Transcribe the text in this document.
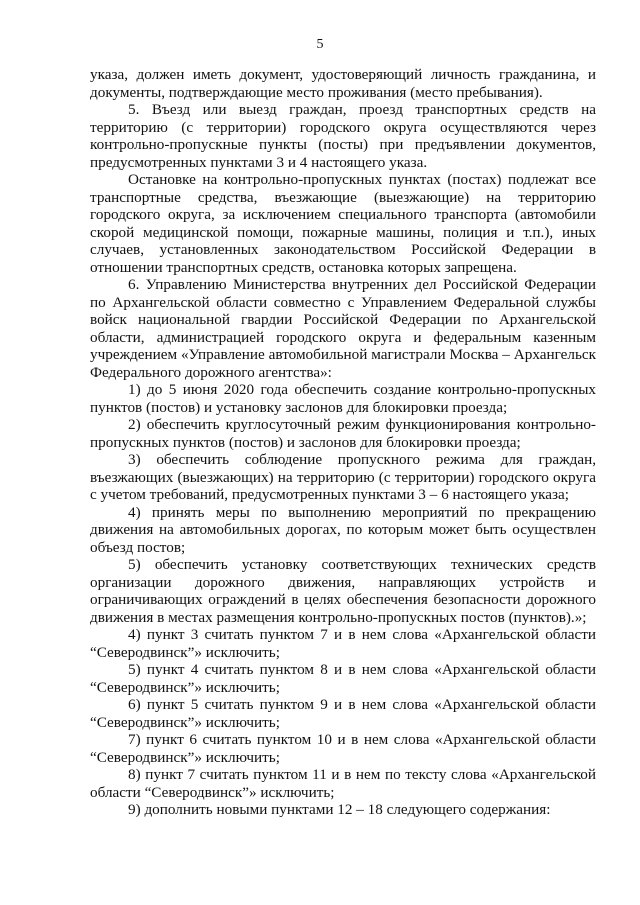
5

указа, должен иметь документ, удостоверяющий личность гражданина, и документы, подтверждающие место проживания (место пребывания).

5. Въезд или выезд граждан, проезд транспортных средств на территорию (с территории) городского округа осуществляются через контрольно-пропускные пункты (посты) при предъявлении документов, предусмотренных пунктами 3 и 4 настоящего указа.

Остановке на контрольно-пропускных пунктах (постах) подлежат все транспортные средства, въезжающие (выезжающие) на территорию городского округа, за исключением специального транспорта (автомобили скорой медицинской помощи, пожарные машины, полиция и т.п.), иных случаев, установленных законодательством Российской Федерации в отношении транспортных средств, остановка которых запрещена.

6. Управлению Министерства внутренних дел Российской Федерации по Архангельской области совместно с Управлением Федеральной службы войск национальной гвардии Российской Федерации по Архангельской области, администрацией городского округа и федеральным казенным учреждением «Управление автомобильной магистрали Москва – Архангельск Федерального дорожного агентства»:

1) до 5 июня 2020 года обеспечить создание контрольно-пропускных пунктов (постов) и установку заслонов для блокировки проезда;

2) обеспечить круглосуточный режим функционирования контрольно-пропускных пунктов (постов) и заслонов для блокировки проезда;

3) обеспечить соблюдение пропускного режима для граждан, въезжающих (выезжающих) на территорию (с территории) городского округа с учетом требований, предусмотренных пунктами 3 – 6 настоящего указа;

4) принять меры по выполнению мероприятий по прекращению движения на автомобильных дорогах, по которым может быть осуществлен объезд постов;

5) обеспечить установку соответствующих технических средств организации дорожного движения, направляющих устройств и ограничивающих ограждений в целях обеспечения безопасности дорожного движения в местах размещения контрольно-пропускных постов (пунктов).»;

4) пункт 3 считать пунктом 7 и в нем слова «Архангельской области “Северодвинск”» исключить;

5) пункт 4 считать пунктом 8 и в нем слова «Архангельской области “Северодвинск”» исключить;

6) пункт 5 считать пунктом 9 и в нем слова «Архангельской области “Северодвинск”» исключить;

7) пункт 6 считать пунктом 10 и в нем слова «Архангельской области “Северодвинск”» исключить;

8) пункт 7 считать пунктом 11 и в нем по тексту слова «Архангельской области “Северодвинск”» исключить;

9) дополнить новыми пунктами 12 – 18 следующего содержания:
